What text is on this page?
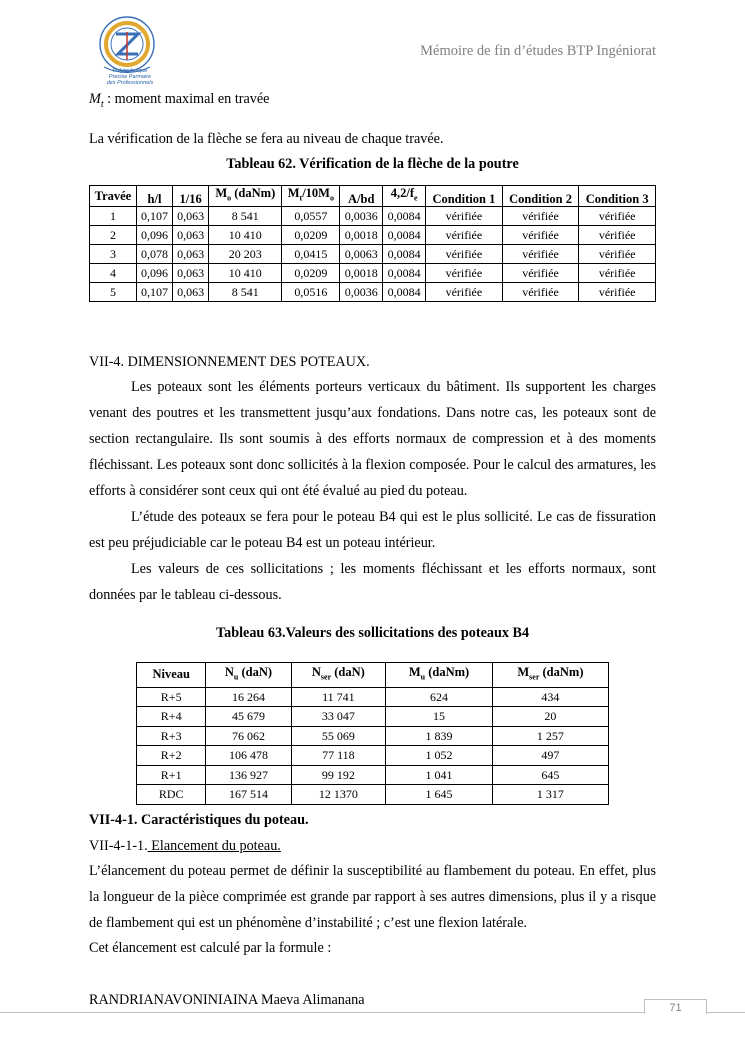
Polytechnique
Precise Parmaire
des Professionnels
Mémoire de fin d’études BTP Ingéniorat
$M_t$ : moment maximal en travée
La vérification de la flèche se fera au niveau de chaque travée.
Tableau 62. Vérification de la flèche de la poutre
Travée	h/l	1/16	$M_o$ (daNm)	$M_t/10M_o$	A/bd	$4,2/f_e$	Condition 1	Condition 2	Condition 3
1	0,107	0,063	8 541	0,0557	0,0036	0,0084	vérifiée	vérifiée	vérifiée
2	0,096	0,063	10 410	0,0209	0,0018	0,0084	vérifiée	vérifiée	vérifiée
3	0,078	0,063	20 203	0,0415	0,0063	0,0084	vérifiée	vérifiée	vérifiée
4	0,096	0,063	10 410	0,0209	0,0018	0,0084	vérifiée	vérifiée	vérifiée
5	0,107	0,063	8 541	0,0516	0,0036	0,0084	vérifiée	vérifiée	vérifiée
VII-4. DIMENSIONNEMENT DES POTEAUX.
Les poteaux sont les éléments porteurs verticaux du bâtiment. Ils supportent les charges venant des poutres et les transmettent jusqu’aux fondations. Dans notre cas, les poteaux sont de section rectangulaire. Ils sont soumis à des efforts normaux de compression et à des moments fléchissant. Les poteaux sont donc sollicités à la flexion composée. Pour le calcul des armatures, les efforts à considérer sont ceux qui ont été évalué au pied du poteau.
L’étude des poteaux se fera pour le poteau B4 qui est le plus sollicité. Le cas de fissuration est peu préjudiciable car le poteau B4 est un poteau intérieur.
Les valeurs de ces sollicitations ; les moments fléchissant et les efforts normaux, sont données par le tableau ci-dessous.
Tableau 63.Valeurs des sollicitations des poteaux B4
Niveau	$N_u$ (daN)	$N_{ser}$ (daN)	$M_u$ (daNm)	$M_{ser}$ (daNm)
R+5	16 264	11 741	624	434
R+4	45 679	33 047	15	20
R+3	76 062	55 069	1 839	1 257
R+2	106 478	77 118	1 052	497
R+1	136 927	99 192	1 041	645
RDC	167 514	12 1370	1 645	1 317
VII-4-1. Caractéristiques du poteau.
VII-4-1-1. Elancement du poteau.
L’élancement du poteau permet de définir la susceptibilité au flambement du poteau. En effet, plus la longueur de la pièce comprimée est grande par rapport à ses autres dimensions, plus il y a risque de flambement qui est un phénomène d’instabilité ; c’est une flexion latérale.
Cet élancement est calculé par la formule :
RANDRIANAVONINIAINA Maeva Alimanana	71
